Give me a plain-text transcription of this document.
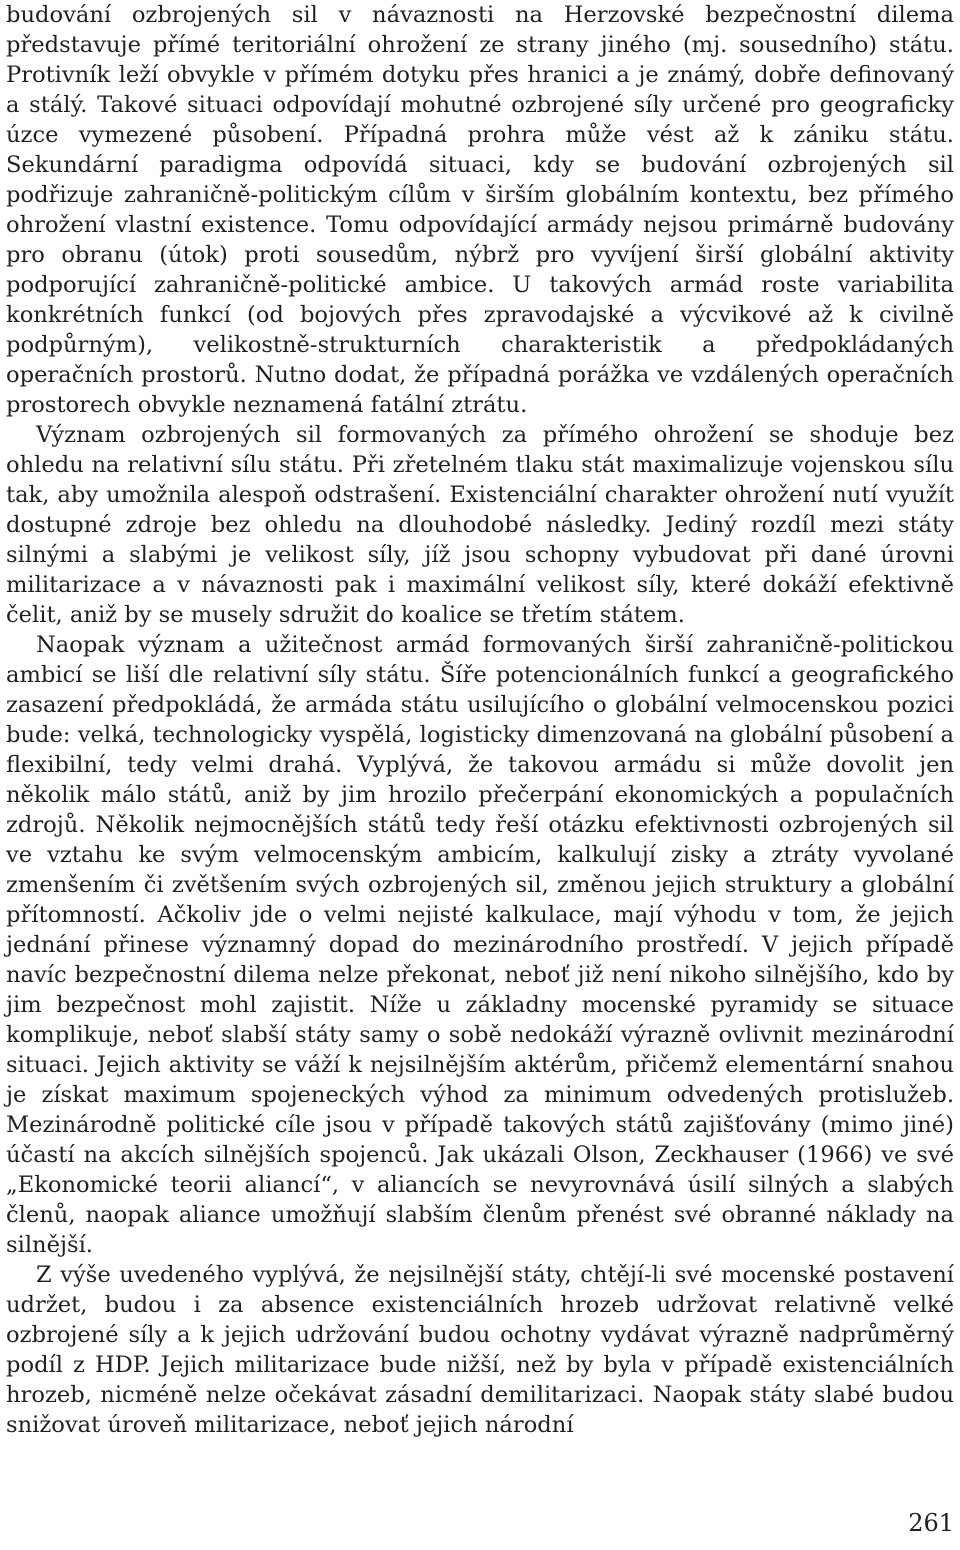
budování ozbrojených sil v návaznosti na Herzovské bezpečnostní dilema představuje přímé teritoriální ohrožení ze strany jiného (mj. sousedního) státu. Protivník leží obvykle v přímém dotyku přes hranici a je známý, dobře definovaný a stálý. Takové situaci odpovídají mohutné ozbrojené síly určené pro geograficky úzce vymezené působení. Případná prohra může vést až k zániku státu. Sekundární paradigma odpovídá situaci, kdy se budování ozbrojených sil podřizuje zahraničně-politickým cílům v širším globálním kontextu, bez přímého ohrožení vlastní existence. Tomu odpovídající armády nejsou primárně budovány pro obranu (útok) proti sousedům, nýbrž pro vyvíjení širší globální aktivity podporující zahraničně-politické ambice. U takových armád roste variabilita konkrétních funkcí (od bojových přes zpravodajské a výcvikové až k civilně podpůrným), velikostně-strukturních charakteristik a předpokládaných operačních prostorů. Nutno dodat, že případná porážka ve vzdálených operačních prostorech obvykle neznamená fatální ztrátu.

Význam ozbrojených sil formovaných za přímého ohrožení se shoduje bez ohledu na relativní sílu státu. Při zřetelném tlaku stát maximalizuje vojenskou sílu tak, aby umožnila alespoň odstrašení. Existenciální charakter ohrožení nutí využít dostupné zdroje bez ohledu na dlouhodobé následky. Jediný rozdíl mezi státy silnými a slabými je velikost síly, jíž jsou schopny vybudovat při dané úrovni militarizace a v návaznosti pak i maximální velikost síly, které dokáží efektivně čelit, aniž by se musely sdružit do koalice se třetím státem.

Naopak význam a užitečnost armád formovaných širší zahraničně-politickou ambicí se liší dle relativní síly státu. Šíře potencionálních funkcí a geografického zasazení předpokládá, že armáda státu usilujícího o globální velmocenskou pozici bude: velká, technologicky vyspělá, logisticky dimenzovaná na globální působení a flexibilní, tedy velmi drahá. Vyplývá, že takovou armádu si může dovolit jen několik málo států, aniž by jim hrozilo přečerpání ekonomických a populačních zdrojů. Několik nejmocnějších států tedy řeší otázku efektivnosti ozbrojených sil ve vztahu ke svým velmocenským ambicím, kalkulují zisky a ztráty vyvolané zmenšením či zvětšením svých ozbrojených sil, změnou jejich struktury a globální přítomností. Ačkoliv jde o velmi nejisté kalkulace, mají výhodu v tom, že jejich jednání přinese významný dopad do mezinárodního prostředí. V jejich případě navíc bezpečnostní dilema nelze překonat, neboť již není nikoho silnějšího, kdo by jim bezpečnost mohl zajistit. Níže u základny mocenské pyramidy se situace komplikuje, neboť slabší státy samy o sobě nedokáží výrazně ovlivnit mezinárodní situaci. Jejich aktivity se váží k nejsilnějším aktérům, přičemž elementární snahou je získat maximum spojeneckých výhod za minimum odvedených protislužeb. Mezinárodně politické cíle jsou v případě takových států zajišťovány (mimo jiné) účastí na akcích silnějších spojenců. Jak ukázali Olson, Zeckhauser (1966) ve své „Ekonomické teorii aliancí“, v aliancích se nevyrovnává úsilí silných a slabých členů, naopak aliance umožňují slabším členům přenést své obranné náklady na silnější.

Z výše uvedeného vyplývá, že nejsilnější státy, chtějí-li své mocenské postavení udržet, budou i za absence existenciálních hrozeb udržovat relativně velké ozbrojené síly a k jejich udržování budou ochotny vydávat výrazně nadprůměrný podíl z HDP. Jejich militarizace bude nižší, než by byla v případě existenciálních hrozeb, nicméně nelze očekávat zásadní demilitarizaci. Naopak státy slabé budou snižovat úroveň militarizace, neboť jejich národní

261
